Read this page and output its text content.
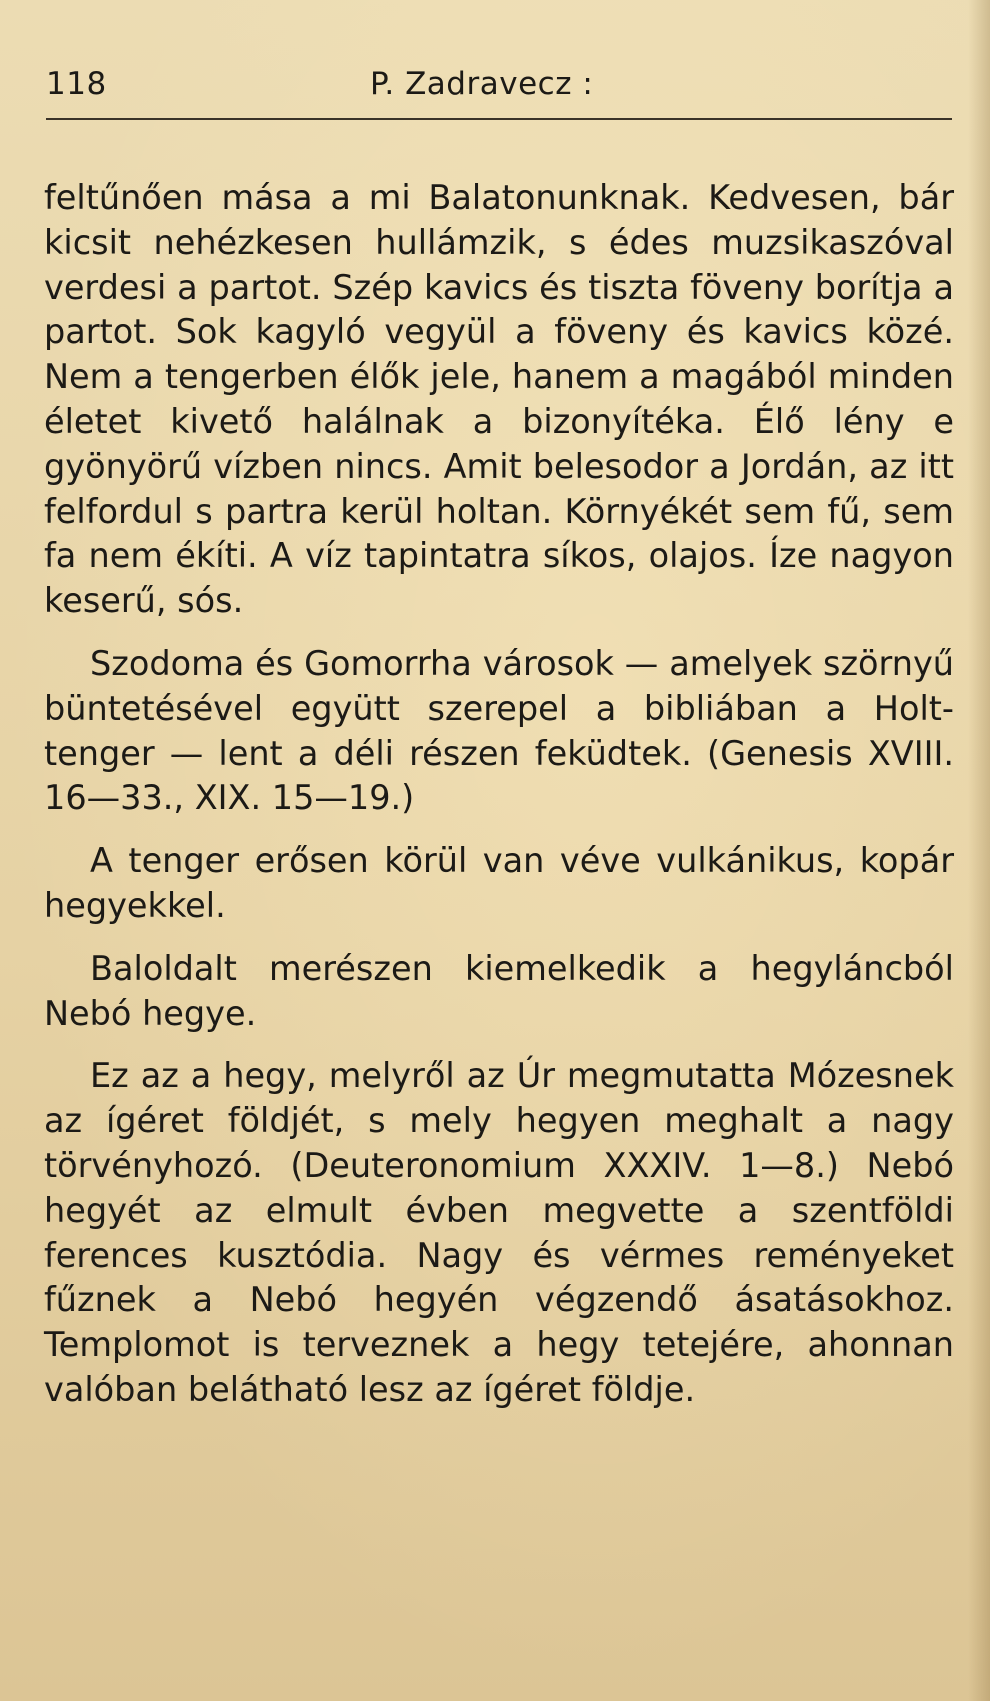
118	P. Zadravecz :

feltűnően mása a mi Balatonunknak. Kedvesen, bár kicsit nehézkesen hullámzik, s édes muzsikaszóval verdesi a partot. Szép kavics és tiszta föveny borítja a partot. Sok kagyló vegyül a föveny és kavics közé. Nem a tengerben élők jele, hanem a magából minden életet kivető halálnak a bizonyítéka. Élő lény e gyönyörű vízben nincs. Amit belesodor a Jordán, az itt felfordul s partra kerül holtan. Környékét sem fű, sem fa nem ékíti. A víz tapintatra síkos, olajos. Íze nagyon keserű, sós.

Szodoma és Gomorrha városok — amelyek szörnyű büntetésével együtt szerepel a bibliában a Holt-tenger — lent a déli részen feküdtek. (Genesis XVIII. 16—33., XIX. 15—19.)

A tenger erősen körül van véve vulkánikus, kopár hegyekkel.

Baloldalt merészen kiemelkedik a hegyláncból Nebó hegye.

Ez az a hegy, melyről az Úr megmutatta Mózesnek az ígéret földjét, s mely hegyen meghalt a nagy törvényhozó. (Deuteronomium XXXIV. 1—8.) Nebó hegyét az elmult évben megvette a szentföldi ferences kusztódia. Nagy és vérmes reményeket fűznek a Nebó hegyén végzendő ásatásokhoz. Templomot is terveznek a hegy tetejére, ahonnan valóban belátható lesz az ígéret földje.
